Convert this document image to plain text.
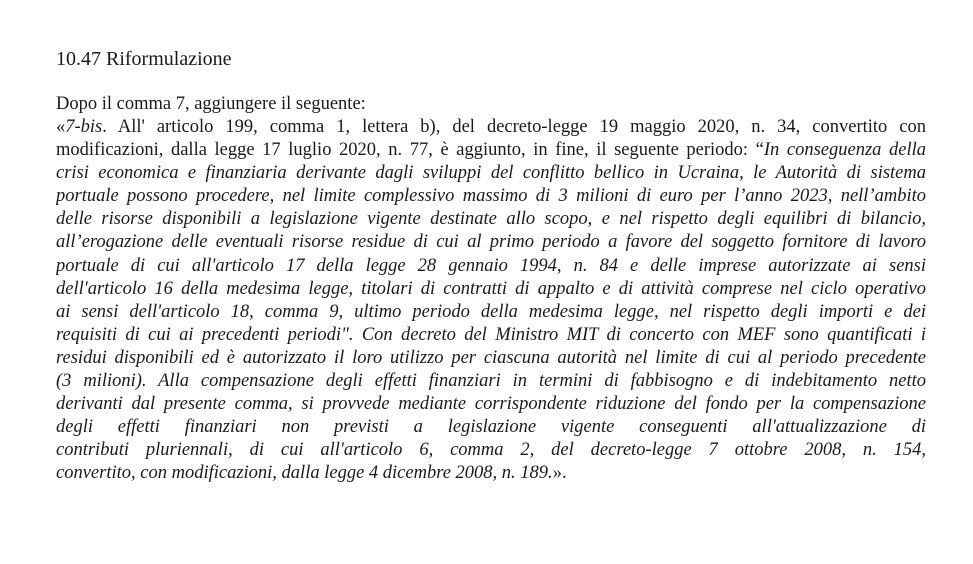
10.47 Riformulazione
Dopo il comma 7, aggiungere il seguente:
«7-bis. All' articolo 199, comma 1, lettera b), del decreto-legge 19 maggio 2020, n. 34, convertito con
modificazioni, dalla legge 17 luglio 2020, n. 77, è aggiunto, in fine, il seguente periodo: “In conseguenza della
crisi economica e finanziaria derivante dagli sviluppi del conflitto bellico in Ucraina, le Autorità di sistema
portuale possono procedere, nel limite complessivo massimo di 3 milioni di euro per l’anno 2023, nell’ambito
delle risorse disponibili a legislazione vigente destinate allo scopo, e nel rispetto degli equilibri di bilancio,
all’erogazione delle eventuali risorse residue di cui al primo periodo a favore del soggetto fornitore di lavoro
portuale di cui all'articolo 17 della legge 28 gennaio 1994, n. 84 e delle imprese autorizzate ai sensi
dell'articolo 16 della medesima legge, titolari di contratti di appalto e di attività comprese nel ciclo operativo
ai sensi dell'articolo 18, comma 9, ultimo periodo della medesima legge, nel rispetto degli importi e dei
requisiti di cui ai precedenti periodi". Con decreto del Ministro MIT di concerto con MEF sono quantificati i
residui disponibili ed è autorizzato il loro utilizzo per ciascuna autorità nel limite di cui al periodo precedente
(3 milioni). Alla compensazione degli effetti finanziari in termini di fabbisogno e di indebitamento netto
derivanti dal presente comma, si provvede mediante corrispondente riduzione del fondo per la compensazione
degli effetti finanziari non previsti a legislazione vigente conseguenti all'attualizzazione di
contributi pluriennali, di cui all'articolo 6, comma 2, del decreto-legge 7 ottobre 2008, n. 154,
convertito, con modificazioni, dalla legge 4 dicembre 2008, n. 189.».
